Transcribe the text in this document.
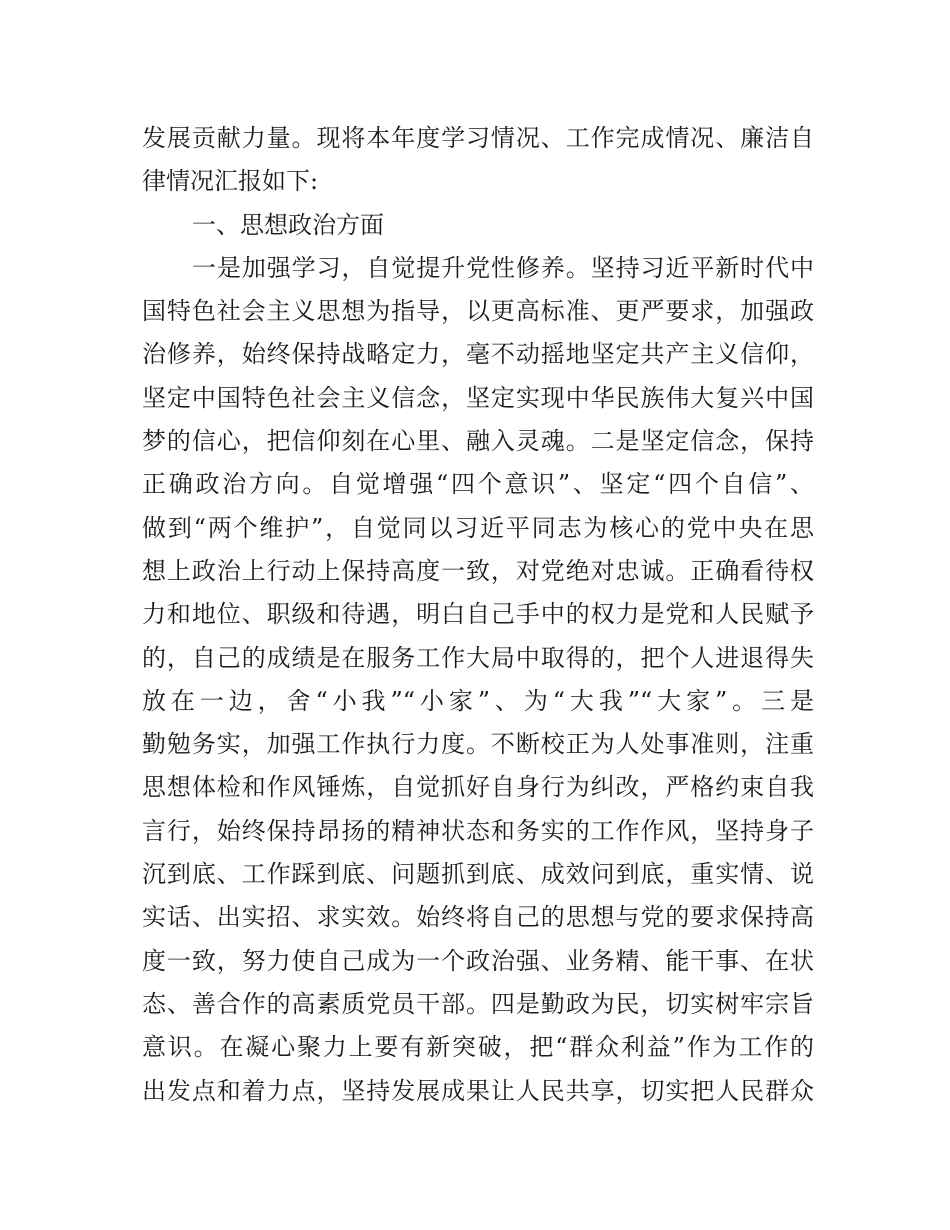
发展贡献力量。现将本年度学习情况、工作完成情况、廉洁自
律情况汇报如下:
一、思想政治方面
一是加强学习，自觉提升党性修养。坚持习近平新时代中
国特色社会主义思想为指导，以更高标准、更严要求，加强政
治修养，始终保持战略定力，毫不动摇地坚定共产主义信仰，
坚定中国特色社会主义信念，坚定实现中华民族伟大复兴中国
梦的信心，把信仰刻在心里、融入灵魂。二是坚定信念，保持
正确政治方向。自觉增强“四个意识”、坚定“四个自信”、
做到“两个维护”，自觉同以习近平同志为核心的党中央在思
想上政治上行动上保持高度一致，对党绝对忠诚。正确看待权
力和地位、职级和待遇，明白自己手中的权力是党和人民赋予
的，自己的成绩是在服务工作大局中取得的，把个人进退得失
放在一边，舍“小我”“小家”、为“大我”“大家”。三是
勤勉务实，加强工作执行力度。不断校正为人处事准则，注重
思想体检和作风锤炼，自觉抓好自身行为纠改，严格约束自我
言行，始终保持昂扬的精神状态和务实的工作作风，坚持身子
沉到底、工作踩到底、问题抓到底、成效问到底，重实情、说
实话、出实招、求实效。始终将自己的思想与党的要求保持高
度一致，努力使自己成为一个政治强、业务精、能干事、在状
态、善合作的高素质党员干部。四是勤政为民，切实树牢宗旨
意识。在凝心聚力上要有新突破，把“群众利益”作为工作的
出发点和着力点，坚持发展成果让人民共享，切实把人民群众
